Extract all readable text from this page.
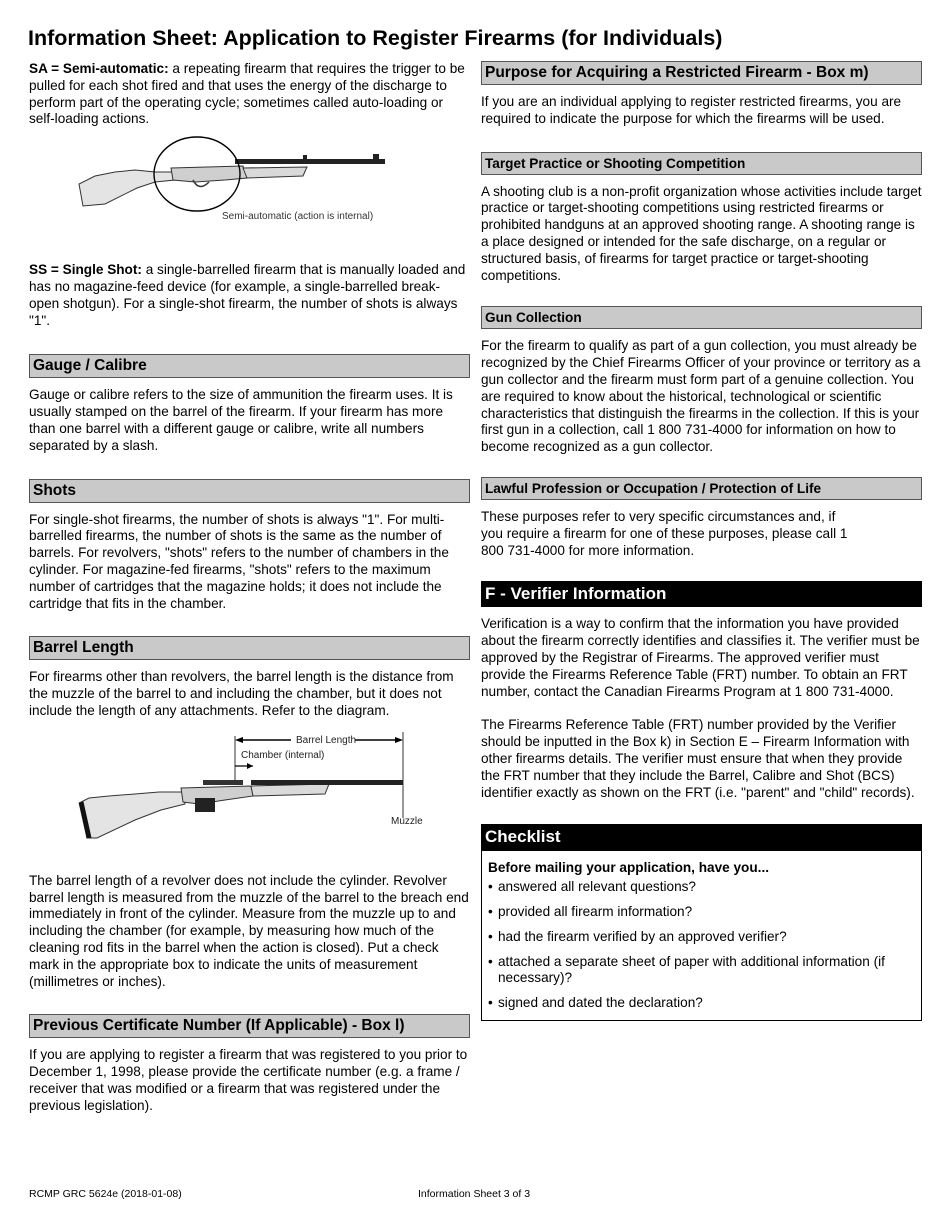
Information Sheet: Application to Register Firearms (for Individuals)

SA = Semi-automatic: a repeating firearm that requires the trigger to be pulled for each shot fired and that uses the energy of the discharge to perform part of the operating cycle; sometimes called auto-loading or self-loading actions.

Semi-automatic (action is internal)

SS = Single Shot: a single-barrelled firearm that is manually loaded and has no magazine-feed device (for example, a single-barrelled break-open shotgun). For a single-shot firearm, the number of shots is always "1".

Gauge / Calibre

Gauge or calibre refers to the size of ammunition the firearm uses. It is usually stamped on the barrel of the firearm. If your firearm has more than one barrel with a different gauge or calibre, write all numbers separated by a slash.

Shots

For single-shot firearms, the number of shots is always "1". For multi-barrelled firearms, the number of shots is the same as the number of barrels. For revolvers, "shots" refers to the number of chambers in the cylinder. For magazine-fed firearms, "shots" refers to the maximum number of cartridges that the magazine holds; it does not include the cartridge that fits in the chamber.

Barrel Length

For firearms other than revolvers, the barrel length is the distance from the muzzle of the barrel to and including the chamber, but it does not include the length of any attachments. Refer to the diagram.

Barrel Length
Chamber (internal)
Muzzle

The barrel length of a revolver does not include the cylinder. Revolver barrel length is measured from the muzzle of the barrel to the breach end immediately in front of the cylinder. Measure from the muzzle up to and including the chamber (for example, by measuring how much of the cleaning rod fits in the barrel when the action is closed). Put a check mark in the appropriate box to indicate the units of measurement (millimetres or inches).

Previous Certificate Number (If Applicable) - Box l)

If you are applying to register a firearm that was registered to you prior to December 1, 1998, please provide the certificate number (e.g. a frame / receiver that was modified or a firearm that was registered under the previous legislation).

Purpose for Acquiring a Restricted Firearm - Box m)

If you are an individual applying to register restricted firearms, you are required to indicate the purpose for which the firearms will be used.

Target Practice or Shooting Competition

A shooting club is a non-profit organization whose activities include target practice or target-shooting competitions using restricted firearms or prohibited handguns at an approved shooting range. A shooting range is a place designed or intended for the safe discharge, on a regular or structured basis, of firearms for target practice or target-shooting competitions.

Gun Collection

For the firearm to qualify as part of a gun collection, you must already be recognized by the Chief Firearms Officer of your province or territory as a gun collector and the firearm must form part of a genuine collection. You are required to know about the historical, technological or scientific characteristics that distinguish the firearms in the collection. If this is your first gun in a collection, call 1 800 731-4000 for information on how to become recognized as a gun collector.

Lawful Profession or Occupation / Protection of Life

These purposes refer to very specific circumstances and, if you require a firearm for one of these purposes, please call 1 800 731-4000 for more information.

F - Verifier Information

Verification is a way to confirm that the information you have provided about the firearm correctly identifies and classifies it. The verifier must be approved by the Registrar of Firearms. The approved verifier must provide the Firearms Reference Table (FRT) number. To obtain an FRT number, contact the Canadian Firearms Program at 1 800 731-4000.

The Firearms Reference Table (FRT) number provided by the Verifier should be inputted in the Box k) in Section E – Firearm Information with other firearms details. The verifier must ensure that when they provide the FRT number that they include the Barrel, Calibre and Shot (BCS) identifier exactly as shown on the FRT (i.e. "parent" and "child" records).

Checklist

Before mailing your application, have you...

• answered all relevant questions?
• provided all firearm information?
• had the firearm verified by an approved verifier?
• attached a separate sheet of paper with additional information (if necessary)?
• signed and dated the declaration?
RCMP GRC 5624e (2018-01-08)	Information Sheet 3 of 3
